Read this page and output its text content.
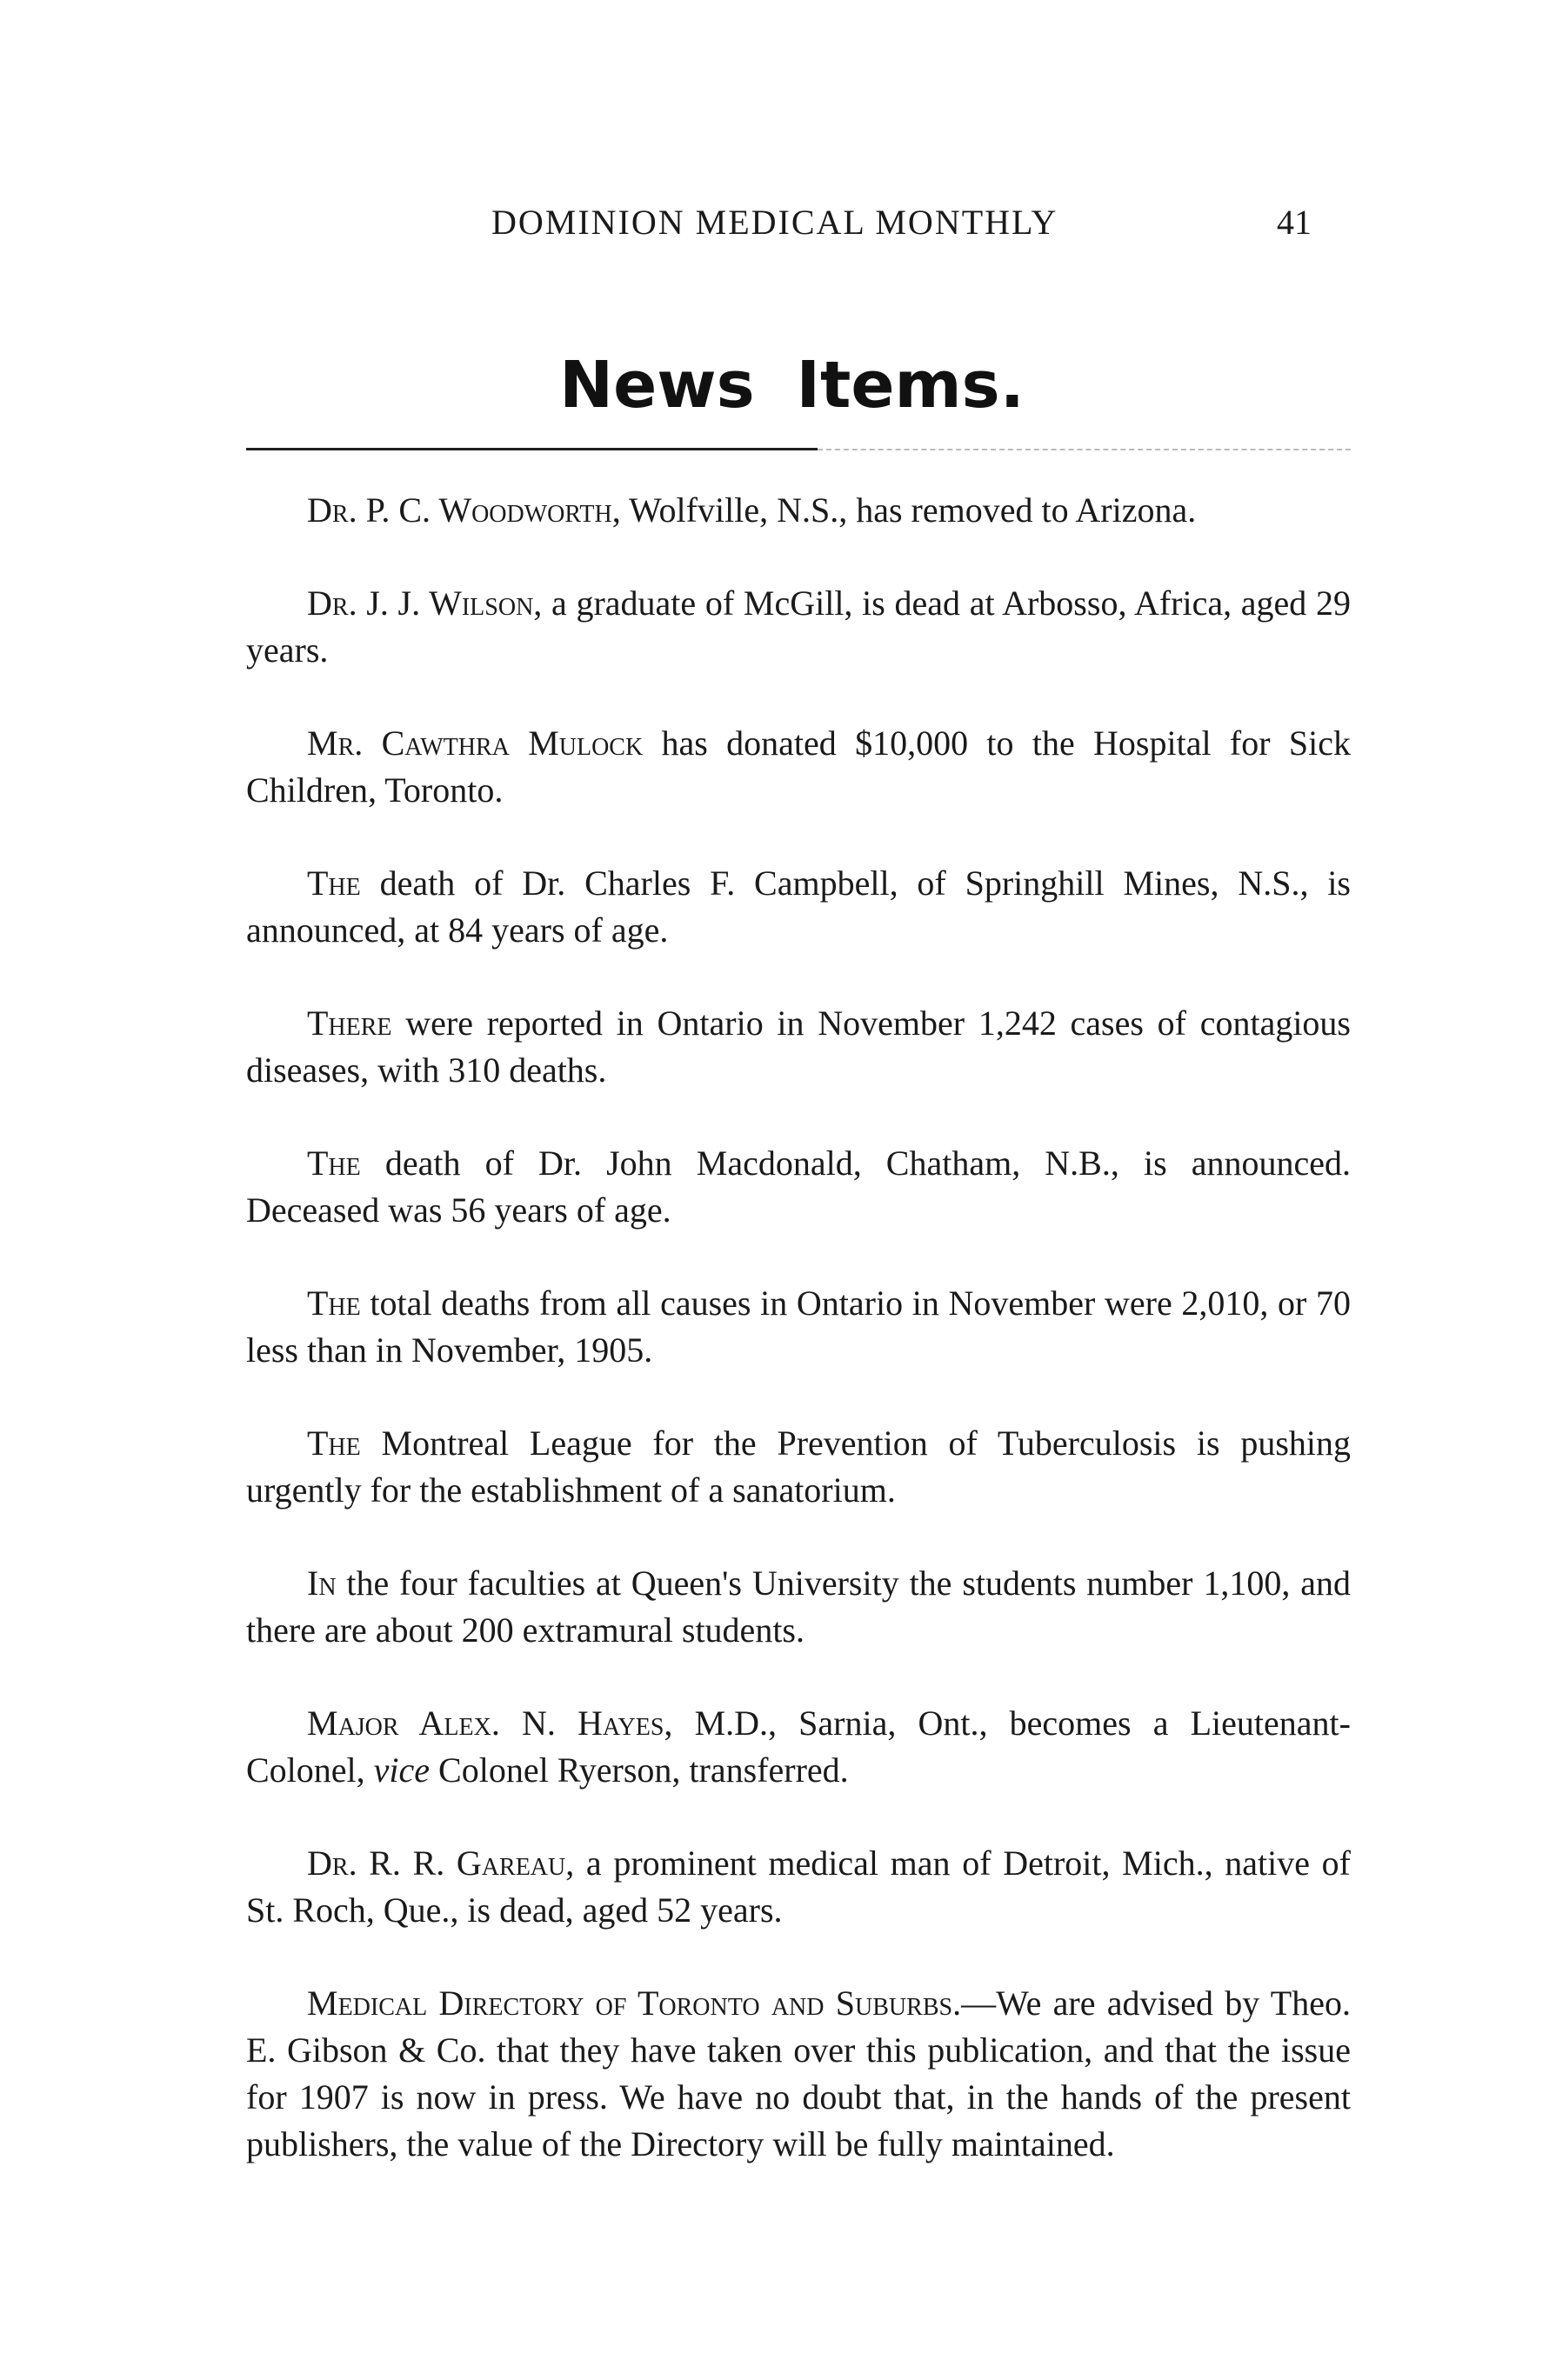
DOMINION MEDICAL MONTHLY	41
News Items.

Dr. P. C. Woodworth, Wolfville, N.S., has removed to Arizona.

Dr. J. J. Wilson, a graduate of McGill, is dead at Arbosso, Africa, aged 29 years.

Mr. Cawthra Mulock has donated $10,000 to the Hospital for Sick Children, Toronto.

The death of Dr. Charles F. Campbell, of Springhill Mines, N.S., is announced, at 84 years of age.

There were reported in Ontario in November 1,242 cases of contagious diseases, with 310 deaths.

The death of Dr. John Macdonald, Chatham, N.B., is announced. Deceased was 56 years of age.

The total deaths from all causes in Ontario in November were 2,010, or 70 less than in November, 1905.

The Montreal League for the Prevention of Tuberculosis is pushing urgently for the establishment of a sanatorium.

In the four faculties at Queen's University the students number 1,100, and there are about 200 extramural students.

Major Alex. N. Hayes, M.D., Sarnia, Ont., becomes a Lieutenant-Colonel, vice Colonel Ryerson, transferred.

Dr. R. R. Gareau, a prominent medical man of Detroit, Mich., native of St. Roch, Que., is dead, aged 52 years.

Medical Directory of Toronto and Suburbs.—We are advised by Theo. E. Gibson & Co. that they have taken over this publication, and that the issue for 1907 is now in press. We have no doubt that, in the hands of the present publishers, the value of the Directory will be fully maintained.
